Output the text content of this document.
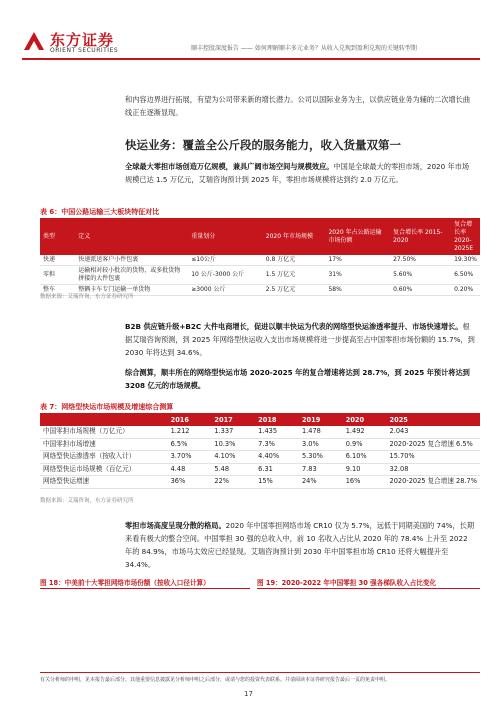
东方证券
ORIENT SECURITIES	顺丰控股深度报告 —— 如何理解顺丰多元业务？从收入兑现到盈利兑现的关键转型期
和内容边界进行拓展，有望为公司带来新的增长潜力。公司以国际业务为主，以供应链业务为辅的二次增长曲线正在逐渐显现。
快运业务：覆盖全公斤段的服务能力，收入货量双第一
全球最大零担市场创造万亿规模，兼具广阔市场空间与规模效应。中国是全球最大的零担市场，2020 年市场规模已达 1.5 万亿元，艾瑞咨询预计到 2025 年，零担市场规模将达到约 2.0 万亿元。
表 6：中国公路运输三大板块特征对比
类型	定义	重量划分	2020 年市场规模	2020 年占公路运输市场份额	复合增长率 2015-2020	复合增长率 2020-2025E
快递	快递派送客户小件包裹	≤10公斤	0.8 万亿元	17%	27.50%	19.30%
零担	运输相对较小批次的货物，或多批货物拼接的大件包裹	10 公斤-3000 公斤	1.5 万亿元	31%	5.60%	6.50%
整车	整辆卡车专门运输一单货物	≥3000 公斤	2.5 万亿元	58%	0.60%	0.20%
数据来源：艾瑞咨询，东方证券研究所
B2B 供应链升级+B2C 大件电商增长，促进以顺丰快运为代表的网络型快运渗透率提升、市场快速增长。根据艾瑞咨询预测，到 2025 年网络型快运收入支出市场规模将进一步提高至占中国零担市场份额的 15.7%，到 2030 年将达到 34.6%。
综合测算，顺丰所在的网络型快运市场 2020-2025 年的复合增速将达到 28.7%，到 2025 年预计将达到 3208 亿元的市场规模。
表 7：网络型快运市场规模及增速综合测算
	2016	2017	2018	2019	2020	2025
中国零担市场规模（万亿元）	1.212	1.337	1.435	1.478	1.492	2.043
中国零担市场增速	6.5%	10.3%	7.3%	3.0%	0.9%	2020-2025 复合增速 6.5%
网络型快运渗透率（按收入计）	3.70%	4.10%	4.40%	5.30%	6.10%	15.70%
网络型快运市场规模（百亿元）	4.48	5.48	6.31	7.83	9.10	32.08
网络型快运增速	36%	22%	15%	24%	16%	2020-2025 复合增速 28.7%
数据来源：艾瑞咨询，东方证券研究所
零担市场高度呈现分散的格局。2020 年中国零担网络市场 CR10 仅为 5.7%，远低于同期美国的 74%，长期来看有极大的整合空间。中国零担 30 强的总收入中，前 10 名收入占比从 2020 年的 78.4% 上升至 2022 年的 84.9%，市场马太效应已经显现。艾瑞咨询预计到 2030 年中国零担市场 CR10 还将大幅提升至 34.4%。
图 18：中美前十大零担网络市场份额（按收入口径计算）	图 19：2020-2022 年中国零担 30 强各梯队收入占比变化
有关分析师的申明，见本报告最后部分。其他重要信息披露见分析师申明之后部分，或请与您的投资代表联系。并请阅读本证券研究报告最后一页的免责申明。
17
